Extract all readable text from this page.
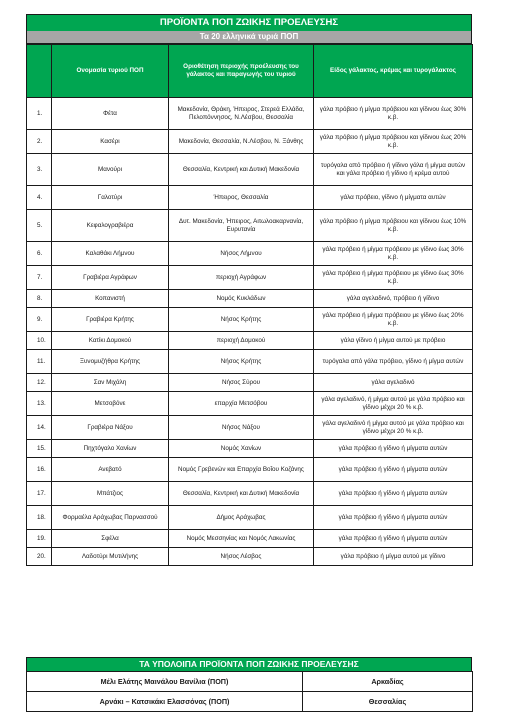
ΠΡΟΪΟΝΤΑ ΠΟΠ ΖΩΙΚΗΣ ΠΡΟΕΛΕΥΣΗΣ
Τα 20 ελληνικά τυριά ΠΟΠ
	Ονομασία τυριού ΠΟΠ	Οριοθέτηση περιοχής προέλευσης του γάλακτος και παραγωγής του τυριού	Είδος γάλακτος, κρέμας και τυρογάλακτος
1.	Φέτα	Μακεδονία, Θράκη, Ήπειρος, Στερεά Ελλάδα, Πελοπόννησος, Ν.Λέσβου, Θεσσαλία	γάλα πρόβειο ή μίγμα πρόβειου και γίδινου έως 30% κ.β.
2.	Κασέρι	Μακεδονία, Θεσσαλία, Ν.Λέσβου, Ν. Ξάνθης	γάλα πρόβειο ή μίγμα πρόβειου και γίδινου έως 20% κ.β.
3.	Μανούρι	Θεσσαλία, Κεντρική και Δυτική Μακεδονία	τυρόγαλα από πρόβειο ή γίδινο γάλα ή μίγμα αυτών και γάλα πρόβειο ή γίδινο ή κρέμα αυτού
4.	Γαλοτύρι	Ήπειρος, Θεσσαλία	γάλα πρόβειο, γίδινο ή μίγματα αυτών
5.	Κεφαλογραβιέρα	Δυτ. Μακεδονία, Ήπειρος, Αιτωλοακαρνανία, Ευρυτανία	γάλα πρόβειο ή μίγμα πρόβειου και γίδινου έως 10% κ.β.
6.	Καλαθάκι Λήμνου	Νήσος Λήμνου	γάλα πρόβειο ή μίγμα πρόβειου με γίδινο έως 30% κ.β.
7.	Γραβιέρα Αγράφων	περιοχή Αγράφων	γάλα πρόβειο ή μίγμα πρόβειου με γίδινο έως 30% κ.β.
8.	Κοπανιστή	Νομός Κυκλάδων	γάλα αγελαδινό, πρόβειο ή γίδινο
9.	Γραβιέρα Κρήτης	Νήσος Κρήτης	γάλα πρόβειο ή μίγμα πρόβειου με γίδινο έως 20% κ.β.
10.	Κατίκι Δομοκού	περιοχή Δομοκού	γάλα γίδινο ή μίγμα αυτού με πρόβειο
11.	Ξυνομυζήθρα Κρήτης	Νήσος Κρήτης	τυρόγαλα από γάλα πρόβειο, γίδινο ή μίγμα αυτών
12.	Σαν Μιχάλη	Νήσος Σύρου	γάλα αγελαδινό
13.	Μετσοβόνε	επαρχία Μετσόβου	γάλα αγελαδινό, ή μίγμα αυτού με γάλα πρόβειο και γίδινο μέχρι 20 % κ.β.
14.	Γραβιέρα Νάξου	Νήσος Νάξου	γάλα αγελαδινό ή μίγμα αυτού με γάλα πρόβειο και γίδινο μέχρι 20 % κ.β.
15.	Πηχτόγαλο Χανίων	Νομός Χανίων	γάλα πρόβειο ή γίδινο ή μίγματα αυτών
16.	Ανεβατό	Νομός Γρεβενών και Επαρχία Βοΐου Κοζάνης	γάλα πρόβειο ή γίδινο ή μίγματα αυτών
17.	Μπάτζιος	Θεσσαλία, Κεντρική και Δυτική Μακεδονία	γάλα πρόβειο ή γίδινο ή μίγματα αυτών
18.	Φορμαέλα Αράχωβας Παρνασσού	Δήμος Αράχωβας	γάλα πρόβειο ή γίδινο ή μίγματα αυτών
19.	Σφέλα	Νομός Μεσσηνίας και Νομός Λακωνίας	γάλα πρόβειο ή γίδινο ή μίγματα αυτών
20.	Λαδοτύρι Μυτιλήνης	Νήσος Λέσβος	γάλα πρόβειο ή μίγμα αυτού με γίδινο
ΤΑ ΥΠΟΛΟΙΠΑ ΠΡΟΪΟΝΤΑ ΠΟΠ ΖΩΙΚΗΣ ΠΡΟΕΛΕΥΣΗΣ
Μέλι Ελάτης Μαινάλου Βανίλια (ΠΟΠ)	Αρκαδίας
Αρνάκι – Κατσικάκι Ελασσόνας (ΠΟΠ)	Θεσσαλίας
